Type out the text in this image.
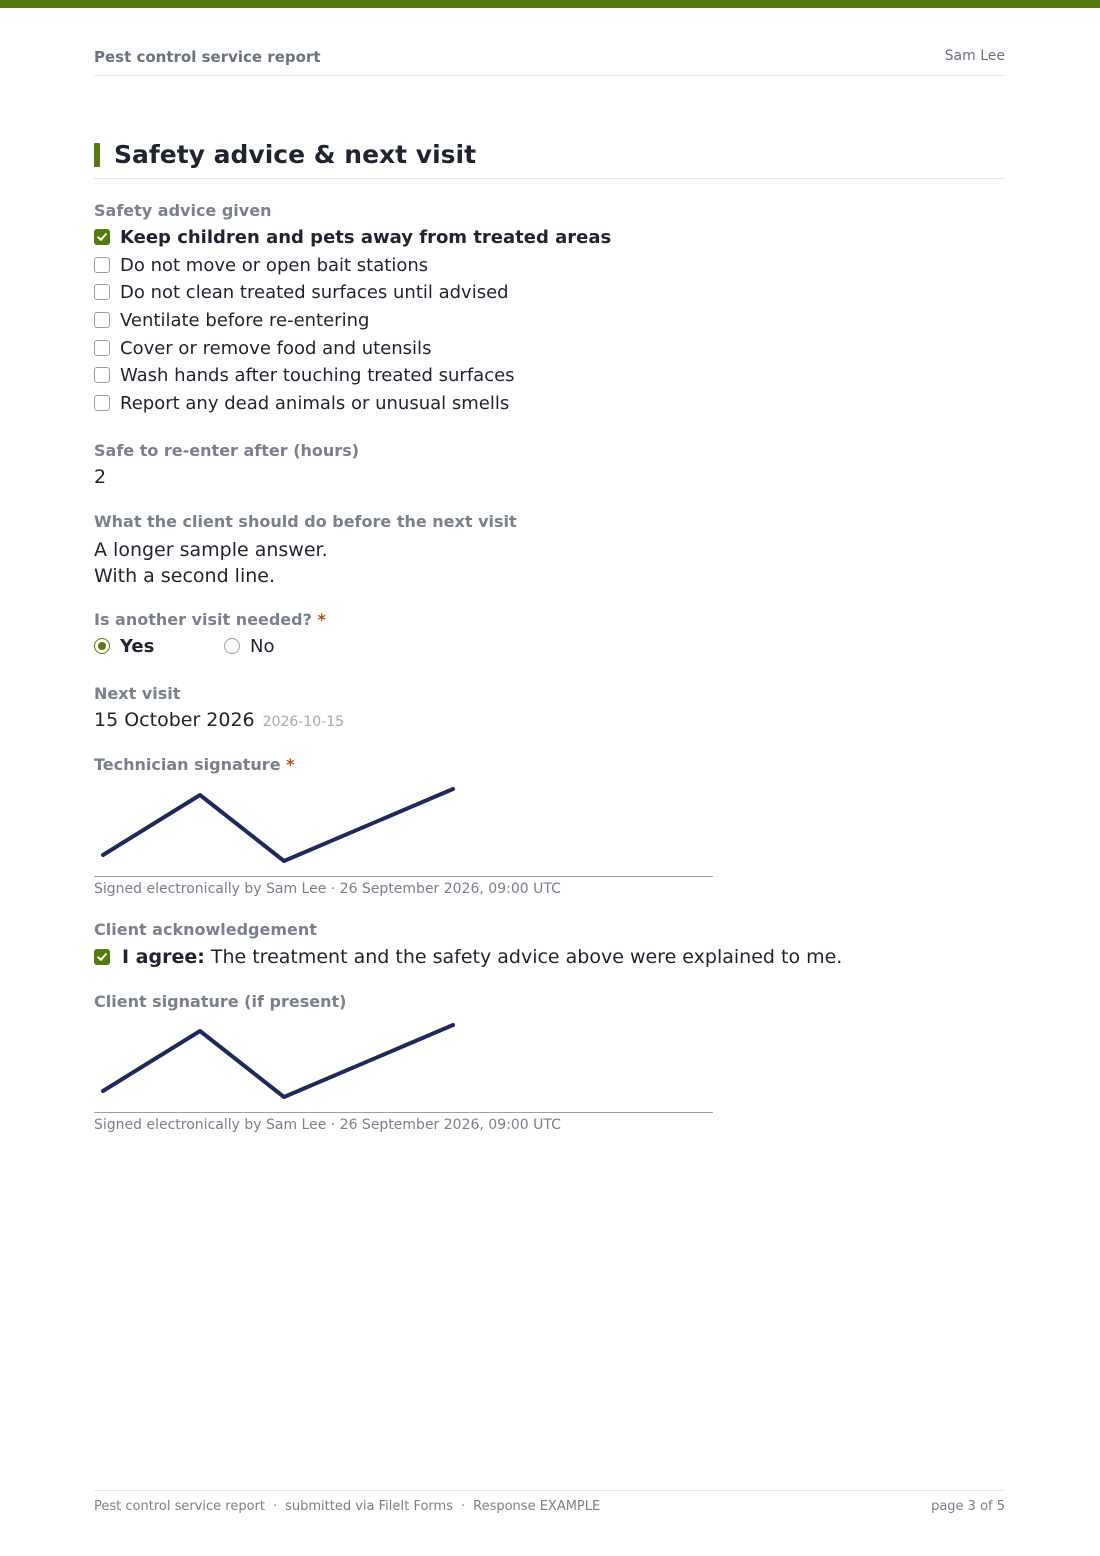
Pest control service report	Sam Lee
Safety advice & next visit
Safety advice given
Keep children and pets away from treated areas
Do not move or open bait stations
Do not clean treated surfaces until advised
Ventilate before re-entering
Cover or remove food and utensils
Wash hands after touching treated surfaces
Report any dead animals or unusual smells
Safe to re-enter after (hours)
2
What the client should do before the next visit
A longer sample answer.
With a second line.
Is another visit needed? *
Yes	No
Next visit
15 October 2026 2026-10-15
Technician signature *
Signed electronically by Sam Lee · 26 September 2026, 09:00 UTC
Client acknowledgement
I agree: The treatment and the safety advice above were explained to me.
Client signature (if present)
Signed electronically by Sam Lee · 26 September 2026, 09:00 UTC
Pest control service report · submitted via FileIt Forms · Response EXAMPLE	page 3 of 5
